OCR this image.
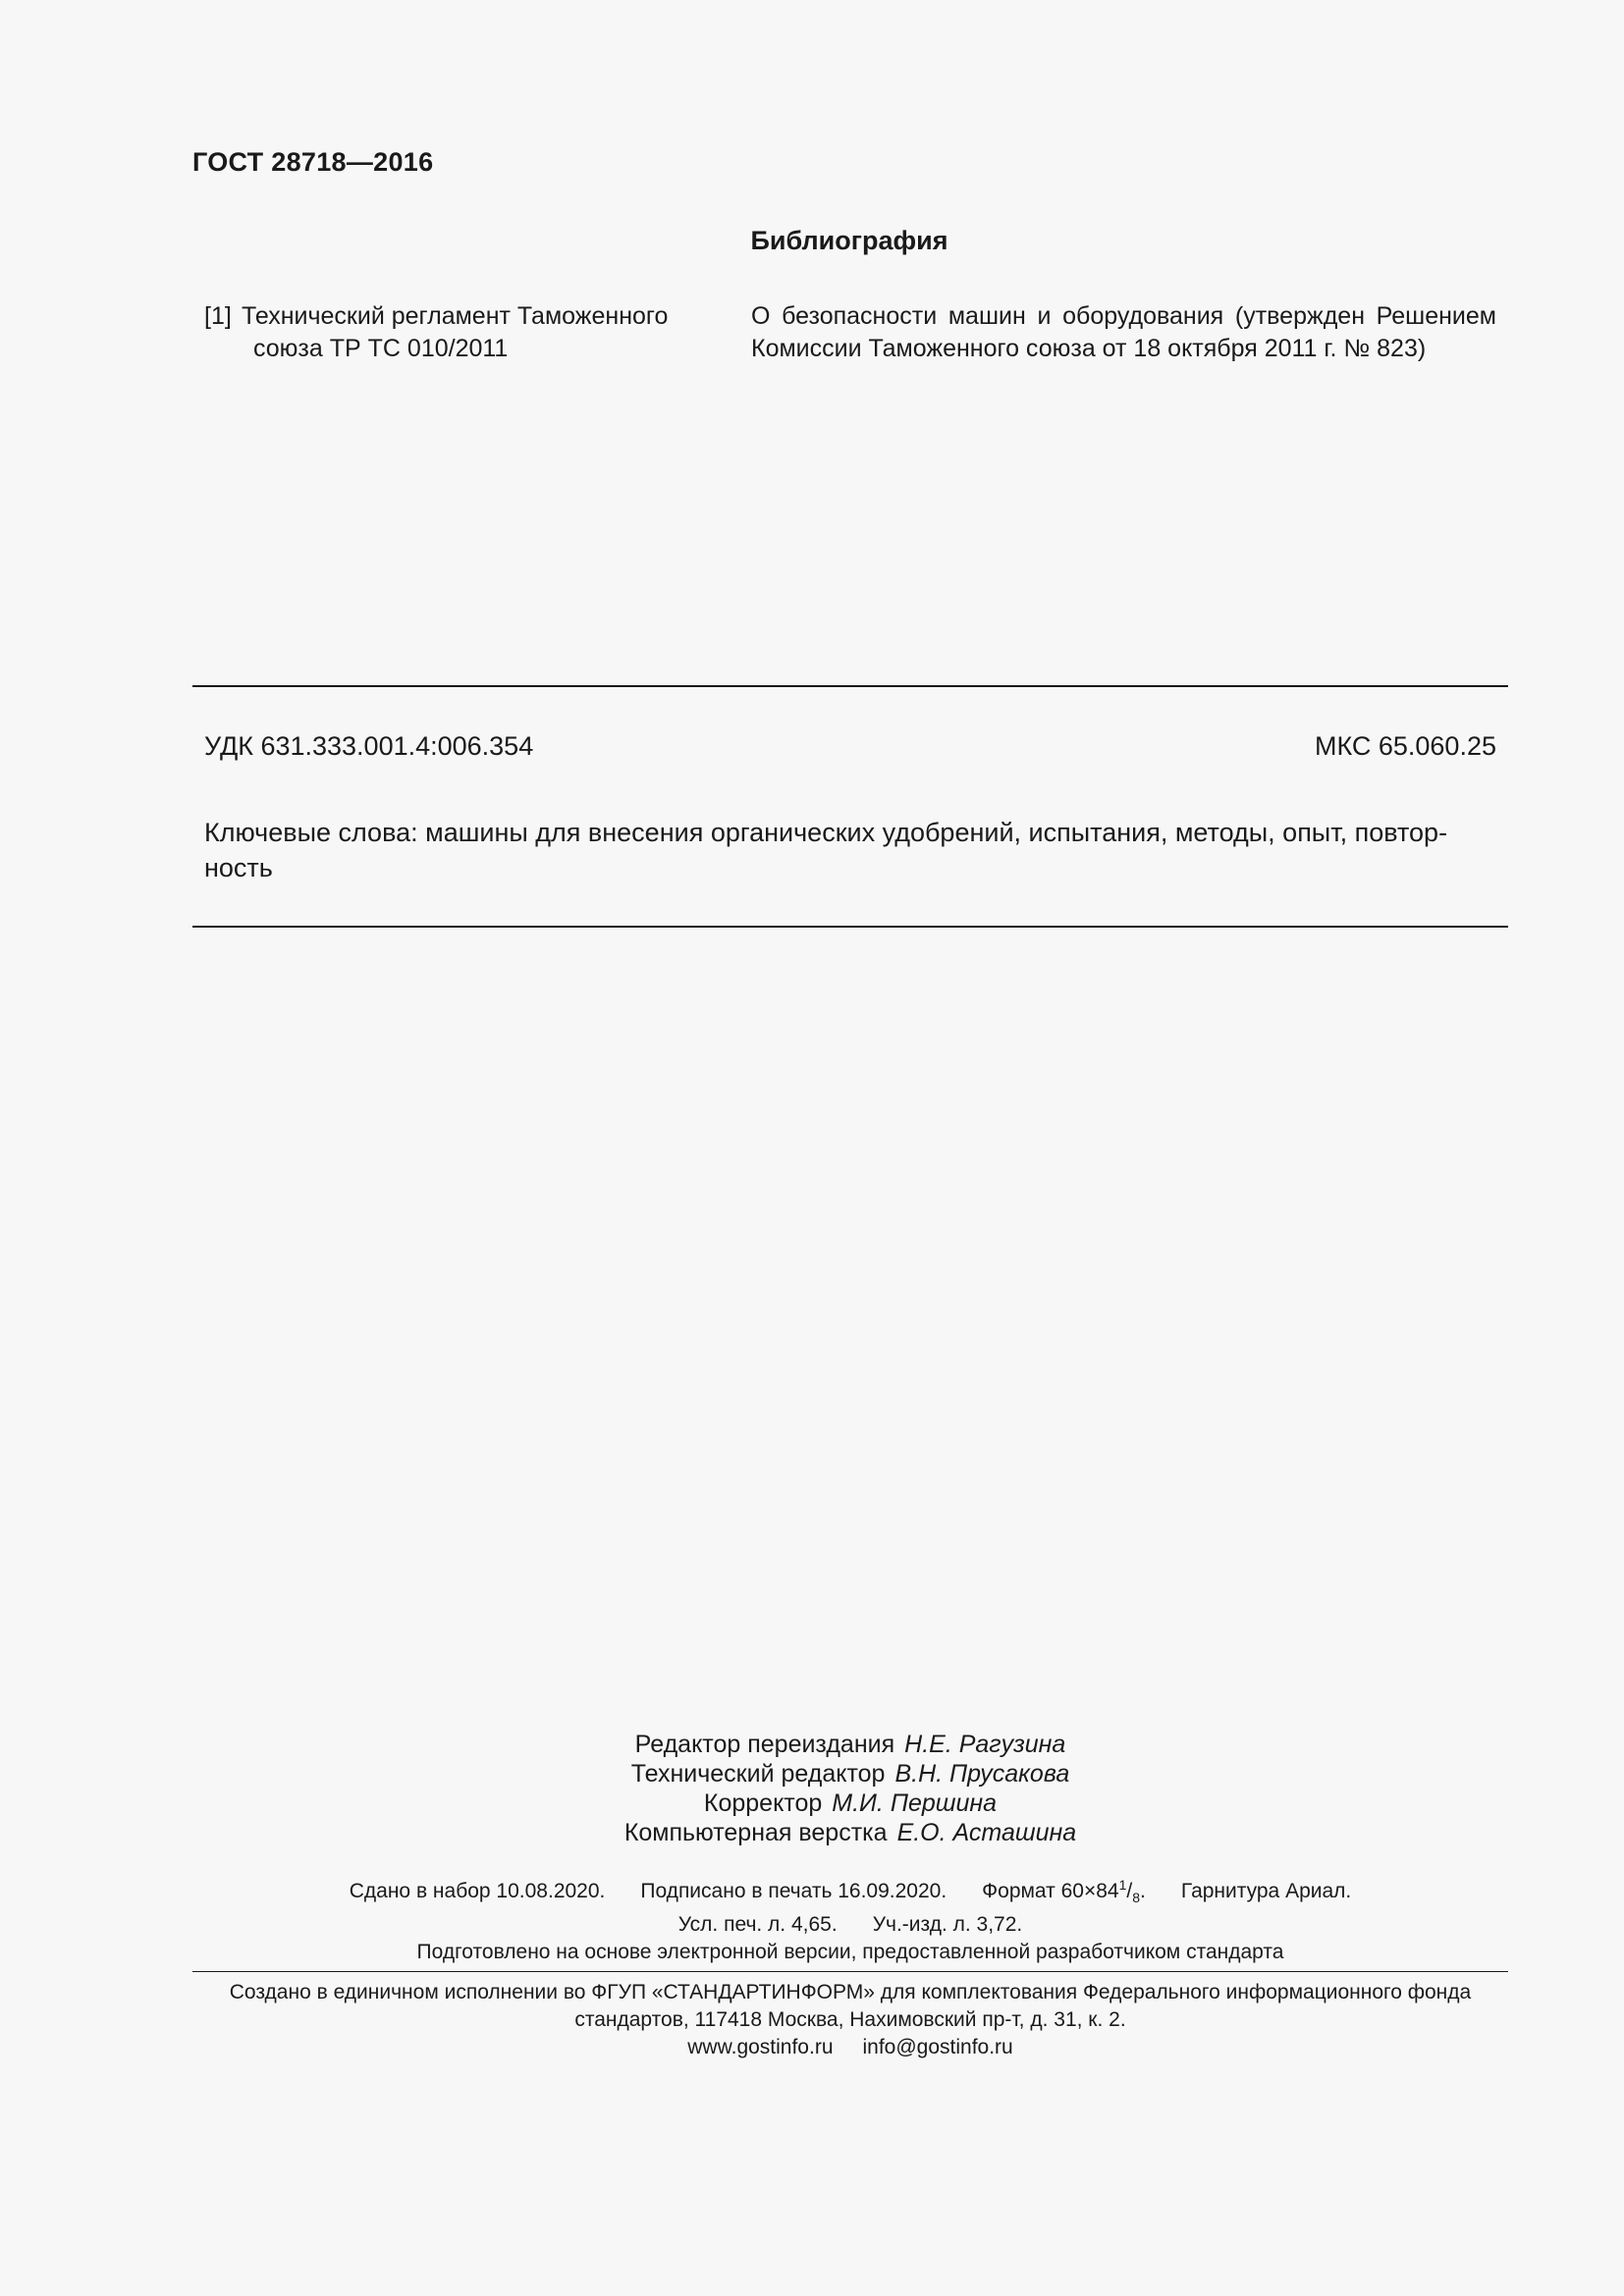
ГОСТ 28718—2016
Библиография
[1] Технический регламент Таможенного
союза ТР ТС 010/2011
О безопасности машин и оборудования (утвержден Решением Комиссии Таможенного союза от 18 октября 2011 г. № 823)
УДК 631.333.001.4:006.354	МКС 65.060.25
Ключевые слова: машины для внесения органических удобрений, испытания, методы, опыт, повтор-ность
Редактор переиздания Н.Е. Рагузина
Технический редактор В.Н. Прусакова
Корректор М.И. Першина
Компьютерная верстка Е.О. Асташина
Сдано в набор 10.08.2020. Подписано в печать 16.09.2020. Формат $60\times 84^1/_8$. Гарнитура Ариал.
Усл. печ. л. 4,65. Уч.-изд. л. 3,72.
Подготовлено на основе электронной версии, предоставленной разработчиком стандарта
Создано в единичном исполнении во ФГУП «СТАНДАРТИНФОРМ» для комплектования Федерального информационного фонда
стандартов, 117418 Москва, Нахимовский пр-т, д. 31, к. 2.
www.gostinfo.ru info@gostinfo.ru
